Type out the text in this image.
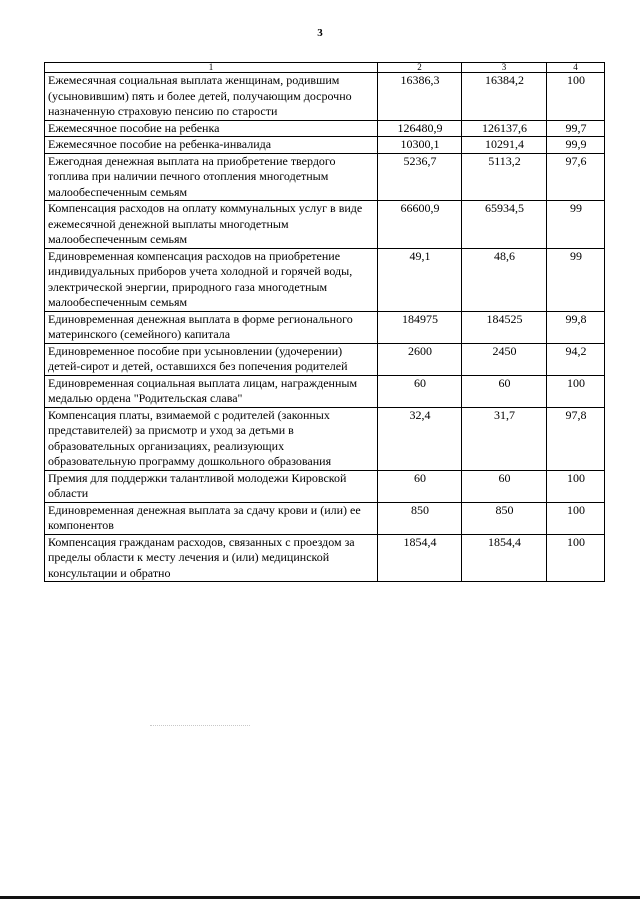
3
1	2	3	4
Ежемесячная социальная выплата женщинам, родившим (усыновившим) пять и более детей, получающим досрочно назначенную страховую пенсию по старости	16386,3	16384,2	100
Ежемесячное пособие на ребенка	126480,9	126137,6	99,7
Ежемесячное пособие на ребенка-инвалида	10300,1	10291,4	99,9
Ежегодная денежная выплата на приобретение твердого топлива при наличии печного отопления многодетным малообеспеченным семьям	5236,7	5113,2	97,6
Компенсация расходов на оплату коммунальных услуг в виде ежемесячной денежной выплаты многодетным малообеспеченным семьям	66600,9	65934,5	99
Единовременная компенсация расходов на приобретение индивидуальных приборов учета холодной и горячей воды, электрической энергии, природного газа многодетным малообеспеченным семьям	49,1	48,6	99
Единовременная денежная выплата в форме регионального материнского (семейного) капитала	184975	184525	99,8
Единовременное пособие при усыновлении (удочерении) детей-сирот и детей, оставшихся без попечения родителей	2600	2450	94,2
Единовременная социальная выплата лицам, награжденным медалью ордена "Родительская слава"	60	60	100
Компенсация платы, взимаемой с родителей (законных представителей) за присмотр и уход за детьми в образовательных организациях, реализующих образовательную программу дошкольного образования	32,4	31,7	97,8
Премия для поддержки талантливой молодежи Кировской области	60	60	100
Единовременная денежная выплата за сдачу крови и (или) ее компонентов	850	850	100
Компенсация гражданам расходов, связанных с проездом за пределы области к месту лечения и (или) медицинской консультации и обратно	1854,4	1854,4	100
